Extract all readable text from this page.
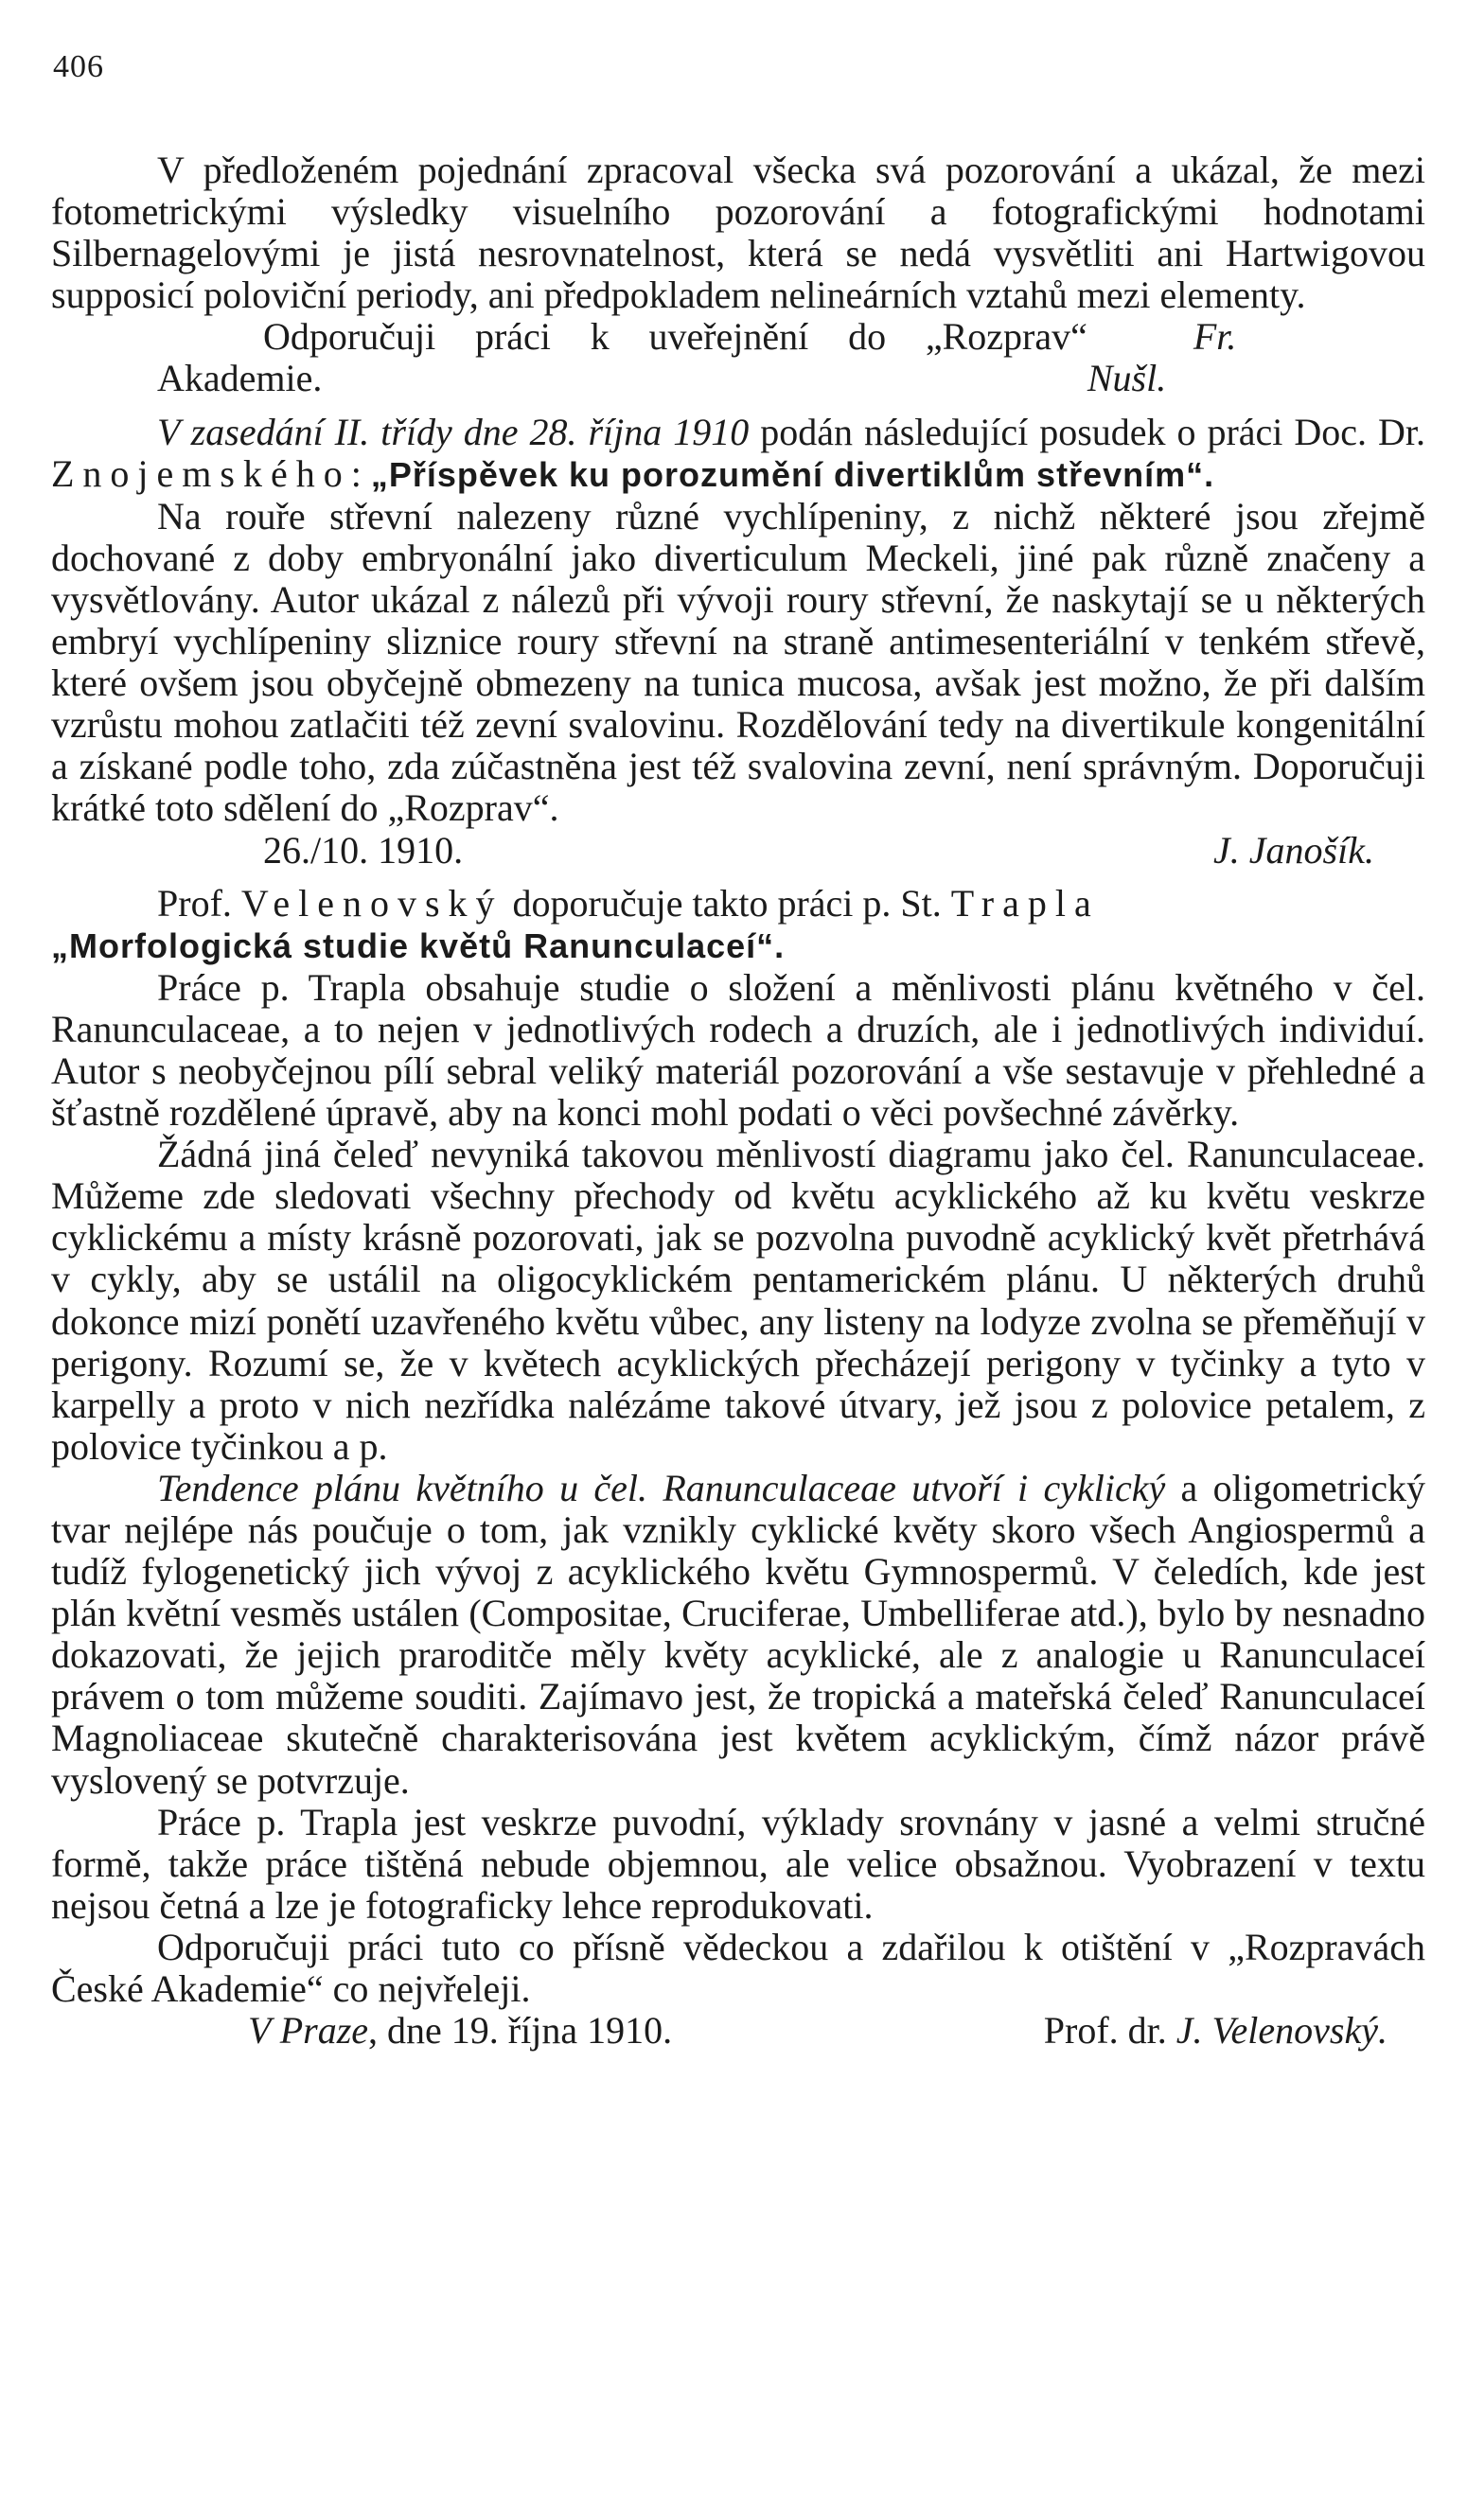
406

V předloženém pojednání zpracoval všecka svá pozorování a ukázal, že mezi fotometrickými výsledky visuelního pozorování a fotografickými hodnotami Silbernagelovými je jistá nesrovnatelnost, která se nedá vysvětliti ani Hartwigovou supposicí poloviční periody, ani předpokladem nelineárních vztahů mezi elementy.

Odporučuji práci k uveřejnění do „Rozprav“ Akademie.
Fr. Nušl.

V zasedání II. třídy dne 28. října 1910 podán následující posudek o práci Doc. Dr. Znojemského: „Příspěvek ku porozumění divertiklům střevním“.

Na rouře střevní nalezeny různé vychlípeniny, z nichž některé jsou zřejmě dochované z doby embryonální jako diverticulum Meckeli, jiné pak různě značeny a vysvětlovány. Autor ukázal z nálezů při vývoji roury střevní, že naskytají se u některých embryí vychlípeniny sliznice roury střevní na straně antimesenteriální v tenkém střevě, které ovšem jsou obyčejně obmezeny na tunica mucosa, avšak jest možno, že při dalším vzrůstu mohou zatlačiti též zevní svalovinu. Rozdělování tedy na divertikule kongenitální a získané podle toho, zda zúčastněna jest též svalovina zevní, není správným. Doporučuji krátké toto sdělení do „Rozprav“.

26./10. 1910.	J. Janošík.

Prof. Velenovský doporučuje takto práci p. St. Trapla

„Morfologická studie květů Ranunculaceí“.

Práce p. Trapla obsahuje studie o složení a měnlivosti plánu květného v čel. Ranunculaceae, a to nejen v jednotlivých rodech a druzích, ale i jednotlivých individuí. Autor s neobyčejnou pílí sebral veliký materiál pozorování a vše sestavuje v přehledné a šťastně rozdělené úpravě, aby na konci mohl podati o věci povšechné závěrky.

Žádná jiná čeleď nevyniká takovou měnlivostí diagramu jako čel. Ranunculaceae. Můžeme zde sledovati všechny přechody od květu acyklického až ku květu veskrze cyklickému a místy krásně pozorovati, jak se pozvolna puvodně acyklický květ přetrhává v cykly, aby se ustálil na oligocyklickém pentamerickém plánu. U některých druhů dokonce mizí ponětí uzavřeného květu vůbec, any listeny na lodyze zvolna se přeměňují v perigony. Rozumí se, že v květech acyklických přecházejí perigony v tyčinky a tyto v karpelly a proto v nich nezřídka nalézáme takové útvary, jež jsou z polovice petalem, z polovice tyčinkou a p.

Tendence plánu květního u čel. Ranunculaceae utvoří i cyklický a oligometrický tvar nejlépe nás poučuje o tom, jak vznikly cyklické květy skoro všech Angiospermů a tudíž fylogenetický jich vývoj z acyklického květu Gymnospermů. V čeledích, kde jest plán květní vesměs ustálen (Compositae, Cruciferae, Umbelliferae atd.), bylo by nesnadno dokazovati, že jejich praroditče měly květy acyklické, ale z analogie u Ranunculaceí právem o tom můžeme souditi. Zajímavo jest, že tropická a mateřská čeleď Ranunculaceí Magnoliaceae skutečně charakterisována jest květem acyklickým, čímž názor právě vyslovený se potvrzuje.

Práce p. Trapla jest veskrze puvodní, výklady srovnány v jasné a velmi stručné formě, takže práce tištěná nebude objemnou, ale velice obsažnou. Vyobrazení v textu nejsou četná a lze je fotograficky lehce reprodukovati.

Odporučuji práci tuto co přísně vědeckou a zdařilou k otištění v „Rozpravách České Akademie“ co nejvřeleji.

V Praze, dne 19. října 1910.	Prof. dr. J. Velenovský.
